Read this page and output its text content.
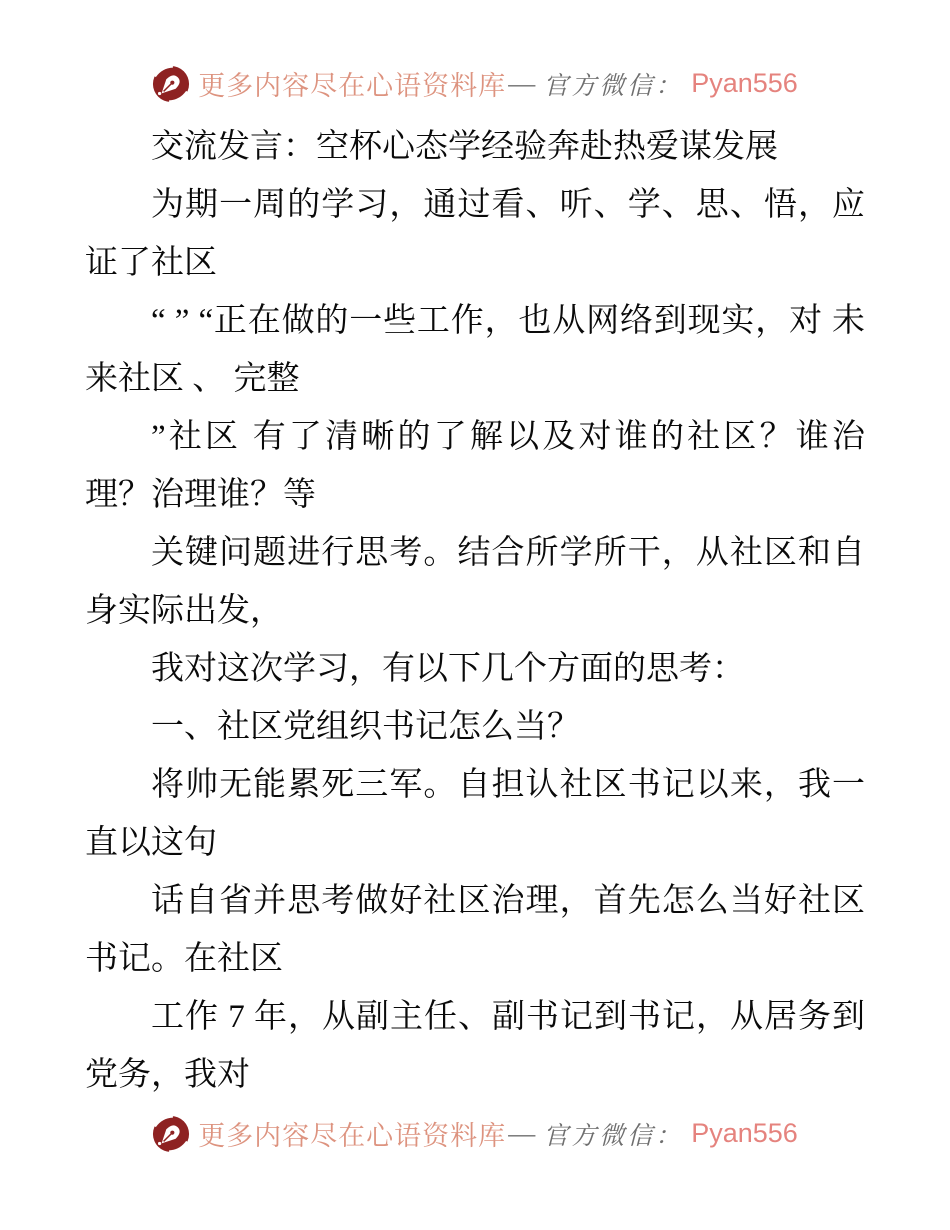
更多内容尽在心语资料库 — 官方微信： Pyan556

交流发言：空杯心态学经验奔赴热爱谋发展

为期一周的学习，通过看、听、学、思、悟，应证了社区

“ ” “正在做的一些工作，也从网络到现实，对 未来社区 、 完整

”社区 有了清晰的了解以及对谁的社区？谁治理？治理谁？等

关键问题进行思考。结合所学所干，从社区和自身实际出发，

我对这次学习，有以下几个方面的思考：

一、社区党组织书记怎么当？

将帅无能累死三军。自担认社区书记以来，我一直以这句

话自省并思考做好社区治理，首先怎么当好社区书记。在社区

工作 7 年，从副主任、副书记到书记，从居务到党务，我对

更多内容尽在心语资料库 — 官方微信： Pyan556
